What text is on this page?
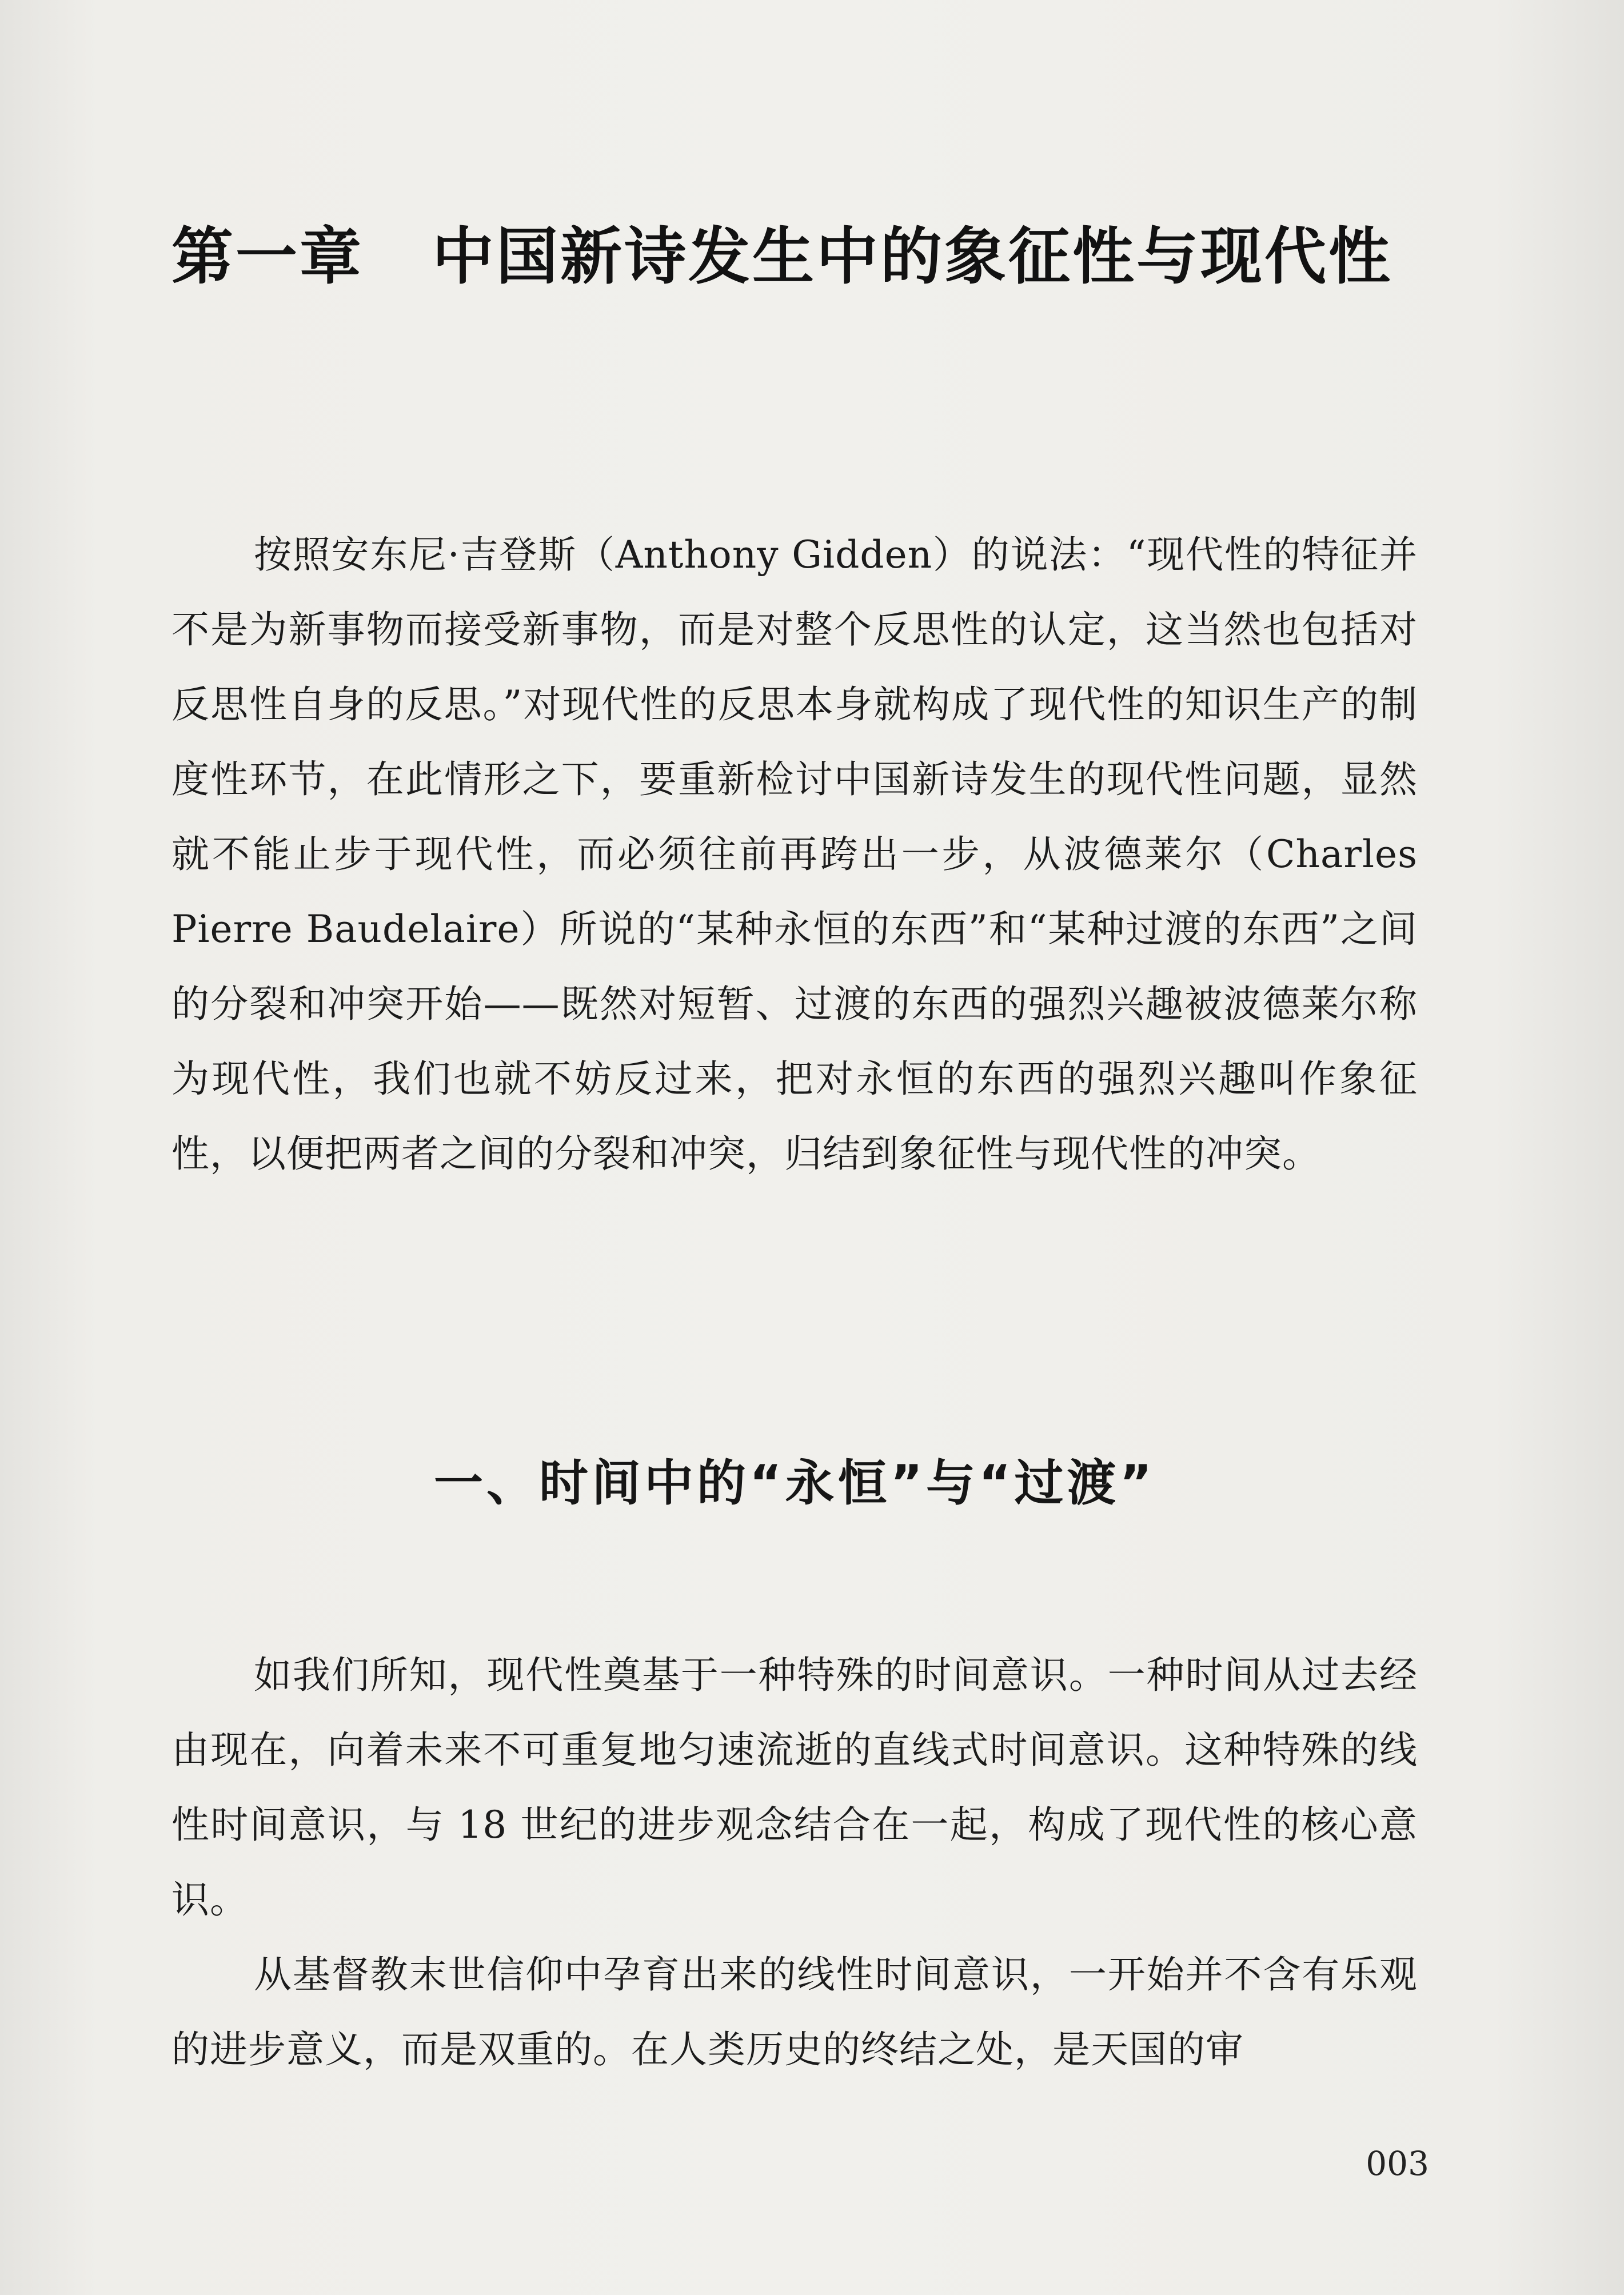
第一章 中国新诗发生中的象征性与现代性

按照安东尼·吉登斯（Anthony Gidden）的说法：“现代性的特征并不是为新事物而接受新事物，而是对整个反思性的认定，这当然也包括对反思性自身的反思。”对现代性的反思本身就构成了现代性的知识生产的制度性环节，在此情形之下，要重新检讨中国新诗发生的现代性问题，显然就不能止步于现代性，而必须往前再跨出一步，从波德莱尔（Charles Pierre Baudelaire）所说的“某种永恒的东西”和“某种过渡的东西”之间的分裂和冲突开始——既然对短暂、过渡的东西的强烈兴趣被波德莱尔称为现代性，我们也就不妨反过来，把对永恒的东西的强烈兴趣叫作象征性，以便把两者之间的分裂和冲突，归结到象征性与现代性的冲突。

一、时间中的“永恒”与“过渡”

如我们所知，现代性奠基于一种特殊的时间意识。一种时间从过去经由现在，向着未来不可重复地匀速流逝的直线式时间意识。这种特殊的线性时间意识，与 18 世纪的进步观念结合在一起，构成了现代性的核心意识。

从基督教末世信仰中孕育出来的线性时间意识，一开始并不含有乐观的进步意义，而是双重的。在人类历史的终结之处，是天国的审

003
